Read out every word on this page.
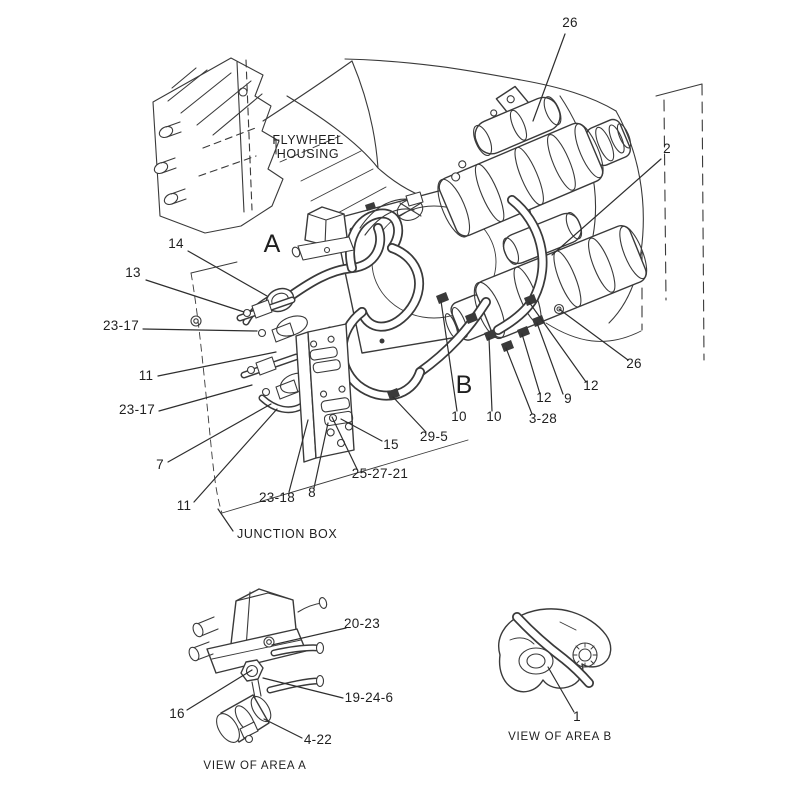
26
2
14
13
23-17
11
23-17
7
11
23-18 8
15
25-27-21
29-5
10 10 3-28
12 9
12
26
20-23
19-24-6
16
4-22
1
FLYWHEEL
HOUSING
A
B
JUNCTION BOX
VIEW OF AREA A
VIEW OF AREA B
